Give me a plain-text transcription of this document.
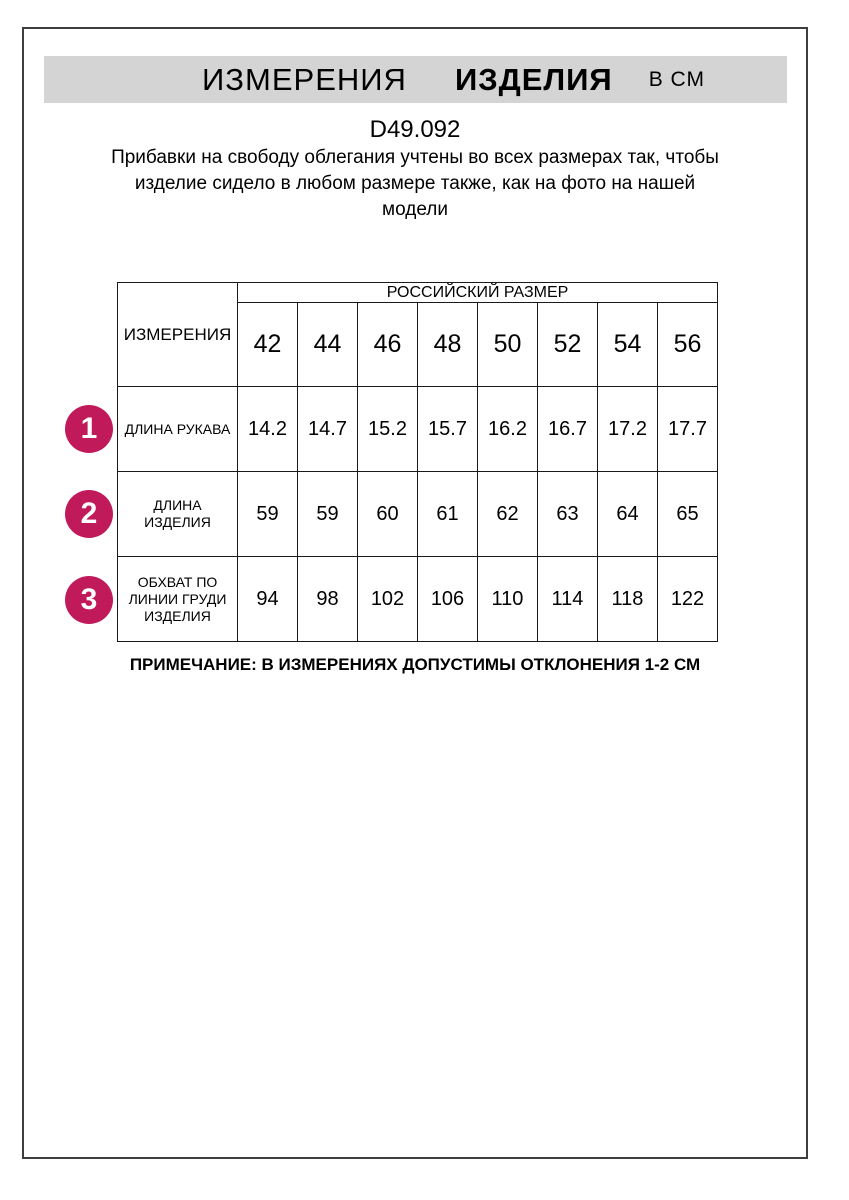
ИЗМЕРЕНИЯ ИЗДЕЛИЯ В СМ
D49.092
Прибавки на свободу облегания учтены во всех размерах так, чтобы
изделие сидело в любом размере также, как на фото на нашей
модели
ИЗМЕРЕНИЯ	РОССИЙСКИЙ РАЗМЕР							
	42	44	46	48	50	52	54	56

ДЛИНА РУКАВА	14.2	14.7	15.2	15.7	16.2	16.7	17.2	17.7

ДЛИНА
ИЗДЕЛИЯ	59	59	60	61	62	63	64	65

ОБХВАТ ПО
ЛИНИИ ГРУДИ
ИЗДЕЛИЯ	94	98	102	106	110	114	118	122
1
2
3
ПРИМЕЧАНИЕ: В ИЗМЕРЕНИЯХ ДОПУСТИМЫ ОТКЛОНЕНИЯ 1-2 СМ
